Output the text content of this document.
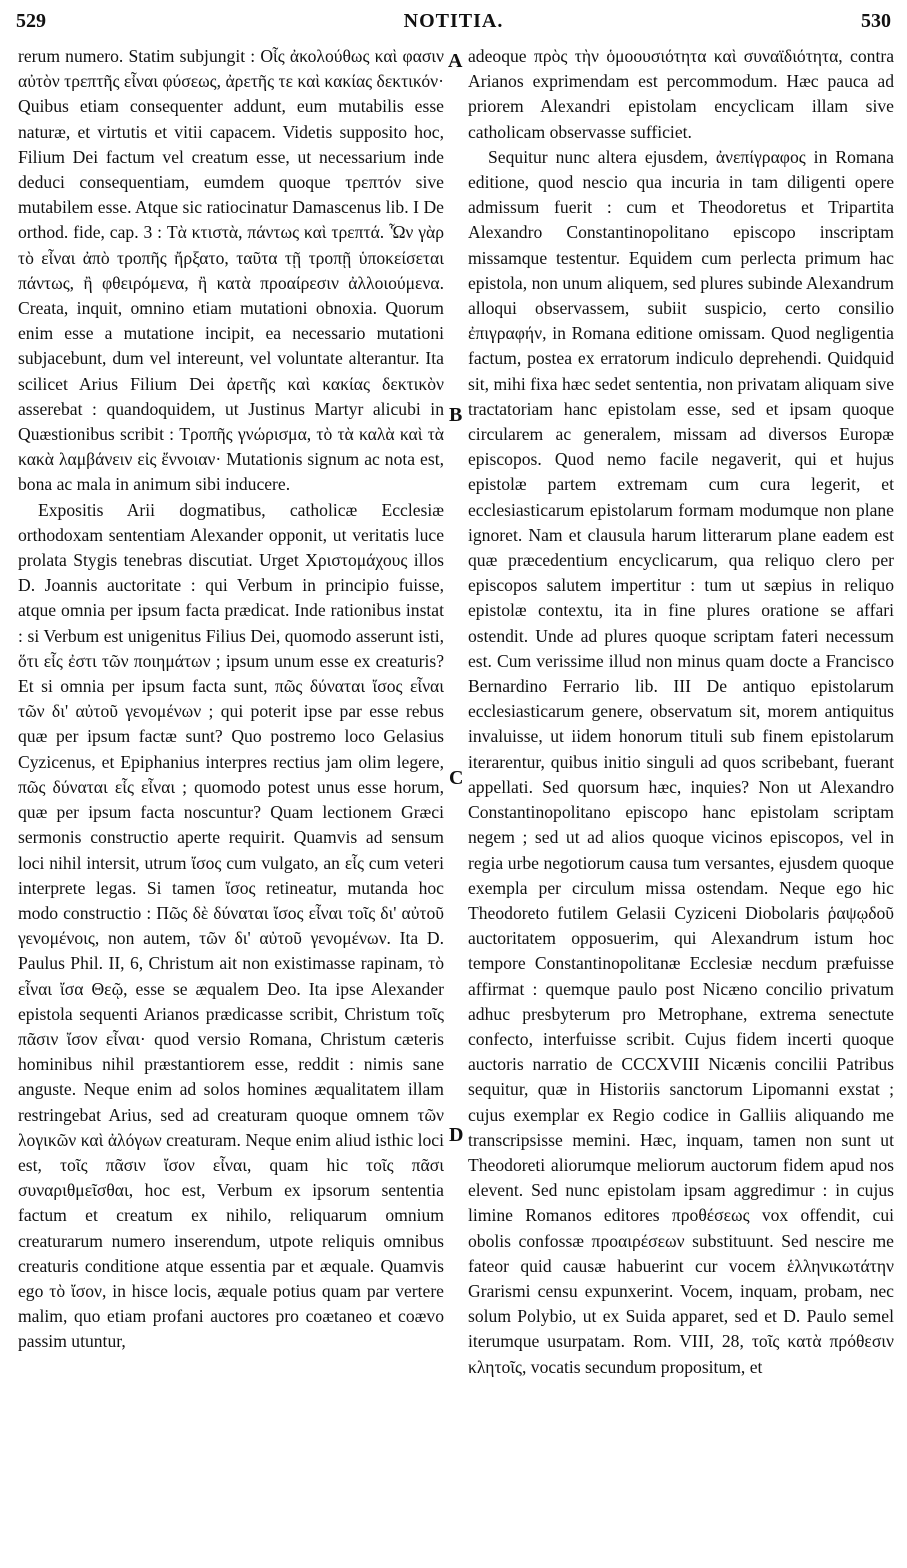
529	NOTITIA.	530

rerum numero. Statim subjungit : Οἷς ἀκολούθως καὶ φασιν αὐτὸν τρεπτῆς εἶναι φύσεως, ἀρετῆς τε καὶ κακίας δεκτικόν· Quibus etiam consequenter addunt, eum mutabilis esse naturæ, et virtutis et vitii capacem. Videtis supposito hoc, Filium Dei factum vel creatum esse, ut necessarium inde deduci consequentiam, eumdem quoque τρεπτόν sive mutabilem esse. Atque sic ratiocinatur Damascenus lib. I De orthod. fide, cap. 3 : Τὰ κτιστὰ, πάντως καὶ τρεπτά. Ὧν γὰρ τὸ εἶναι ἀπὸ τροπῆς ἤρξατο, ταῦτα τῇ τροπῇ ὑποκείσεται πάντως, ἢ φθειρόμενα, ἢ κατὰ προαίρεσιν ἀλλοιούμενα. Creata, inquit, omnino etiam mutationi obnoxia. Quorum enim esse a mutatione incipit, ea necessario mutationi subjacebunt, dum vel intereunt, vel voluntate alterantur. Ita scilicet Arius Filium Dei ἀρετῆς καὶ κακίας δεκτικὸν asserebat : quandoquidem, ut Justinus Martyr alicubi in Quæstionibus scribit : Τροπῆς γνώρισμα, τὸ τὰ καλὰ καὶ τὰ κακὰ λαμβάνειν εἰς ἔννοιαν· Mutationis signum ac nota est, bona ac mala in animum sibi inducere.

Expositis Arii dogmatibus, catholicæ Ecclesiæ orthodoxam sententiam Alexander opponit, ut veritatis luce prolata Stygis tenebras discutiat. Urget Χριστομάχους illos D. Joannis auctoritate : qui Verbum in principio fuisse, atque omnia per ipsum facta prædicat. Inde rationibus instat : si Verbum est unigenitus Filius Dei, quomodo asserunt isti, ὅτι εἷς ἐστι τῶν ποιημάτων ; ipsum unum esse ex creaturis? Et si omnia per ipsum facta sunt, πῶς δύναται ἴσος εἶναι τῶν δι' αὐτοῦ γενομένων ; qui poterit ipse par esse rebus quæ per ipsum factæ sunt? Quo postremo loco Gelasius Cyzicenus, et Epiphanius interpres rectius jam olim legere, πῶς δύναται εἷς εἶναι ; quomodo potest unus esse horum, quæ per ipsum facta noscuntur? Quam lectionem Græci sermonis constructio aperte requirit. Quamvis ad sensum loci nihil intersit, utrum ἴσος cum vulgato, an εἷς cum veteri interprete legas. Si tamen ἴσος retineatur, mutanda hoc modo constructio : Πῶς δὲ δύναται ἴσος εἶναι τοῖς δι' αὐτοῦ γενομένοις, non autem, τῶν δι' αὐτοῦ γενομένων. Ita D. Paulus Phil. II, 6, Christum ait non existimasse rapinam, τὸ εἶναι ἴσα Θεῷ, esse se æqualem Deo. Ita ipse Alexander epistola sequenti Arianos prædicasse scribit, Christum τοῖς πᾶσιν ἴσον εἶναι· quod versio Romana, Christum cæteris hominibus nihil præstantiorem esse, reddit : nimis sane anguste. Neque enim ad solos homines æqualitatem illam restringebat Arius, sed ad creaturam quoque omnem τῶν λογικῶν καὶ ἀλόγων creaturam. Neque enim aliud isthic loci est, τοῖς πᾶσιν ἴσον εἶναι, quam hic τοῖς πᾶσι συναριθμεῖσθαι, hoc est, Verbum ex ipsorum sententia factum et creatum ex nihilo, reliquarum omnium creaturarum numero inserendum, utpote reliquis omnibus creaturis conditione atque essentia par et æquale. Quamvis ego τὸ ἴσον, in hisce locis, æquale potius quam par vertere malim, quo etiam profani auctores pro coætaneo et coævo passim utuntur,

A
B
C
D

adeoque πρὸς τὴν ὁμοουσιότητα καὶ συναϊδιότητα, contra Arianos exprimendam est percommodum. Hæc pauca ad priorem Alexandri epistolam encyclicam illam sive catholicam observasse sufficiet.

Sequitur nunc altera ejusdem, ἀνεπίγραφος in Romana editione, quod nescio qua incuria in tam diligenti opere admissum fuerit : cum et Theodoretus et Tripartita Alexandro Constantinopolitano episcopo inscriptam missamque testentur. Equidem cum perlecta primum hac epistola, non unum aliquem, sed plures subinde Alexandrum alloqui observassem, subiit suspicio, certo consilio ἐπιγραφήν, in Romana editione omissam. Quod negligentia factum, postea ex erratorum indiculo deprehendi. Quidquid sit, mihi fixa hæc sedet sententia, non privatam aliquam sive tractatoriam hanc epistolam esse, sed et ipsam quoque circularem ac generalem, missam ad diversos Europæ episcopos. Quod nemo facile negaverit, qui et hujus epistolæ partem extremam cum cura legerit, et ecclesiasticarum epistolarum formam modumque non plane ignoret. Nam et clausula harum litterarum plane eadem est quæ præcedentium encyclicarum, qua reliquo clero per episcopos salutem impertitur : tum ut sæpius in reliquo epistolæ contextu, ita in fine plures oratione se affari ostendit. Unde ad plures quoque scriptam fateri necessum est. Cum verissime illud non minus quam docte a Francisco Bernardino Ferrario lib. III De antiquo epistolarum ecclesiasticarum genere, observatum sit, morem antiquitus invaluisse, ut iidem honorum tituli sub finem epistolarum iterarentur, quibus initio singuli ad quos scribebant, fuerant appellati. Sed quorsum hæc, inquies? Non ut Alexandro Constantinopolitano episcopo hanc epistolam scriptam negem ; sed ut ad alios quoque vicinos episcopos, vel in regia urbe negotiorum causa tum versantes, ejusdem quoque exempla per circulum missa ostendam. Neque ego hic Theodoreto futilem Gelasii Cyziceni Diobolaris ῥαψῳδοῦ auctoritatem opposuerim, qui Alexandrum istum hoc tempore Constantinopolitanæ Ecclesiæ necdum præfuisse affirmat : quemque paulo post Nicæno concilio privatum adhuc presbyterum pro Metrophane, extrema senectute confecto, interfuisse scribit. Cujus fidem incerti quoque auctoris narratio de CCCXVIII Nicænis concilii Patribus sequitur, quæ in Historiis sanctorum Lipomanni exstat ; cujus exemplar ex Regio codice in Galliis aliquando me transcripsisse memini. Hæc, inquam, tamen non sunt ut Theodoreti aliorumque meliorum auctorum fidem apud nos elevent. Sed nunc epistolam ipsam aggredimur : in cujus limine Romanos editores προθέσεως vox offendit, cui obolis confossæ προαιρέσεων substituunt. Sed nescire me fateor quid causæ habuerint cur vocem ἑλληνικωτάτην Grarismi censu expunxerint. Vocem, inquam, probam, nec solum Polybio, ut ex Suida apparet, sed et D. Paulo semel iterumque usurpatam. Rom. VIII, 28, τοῖς κατὰ πρόθεσιν κλητοῖς, vocatis secundum propositum, et
